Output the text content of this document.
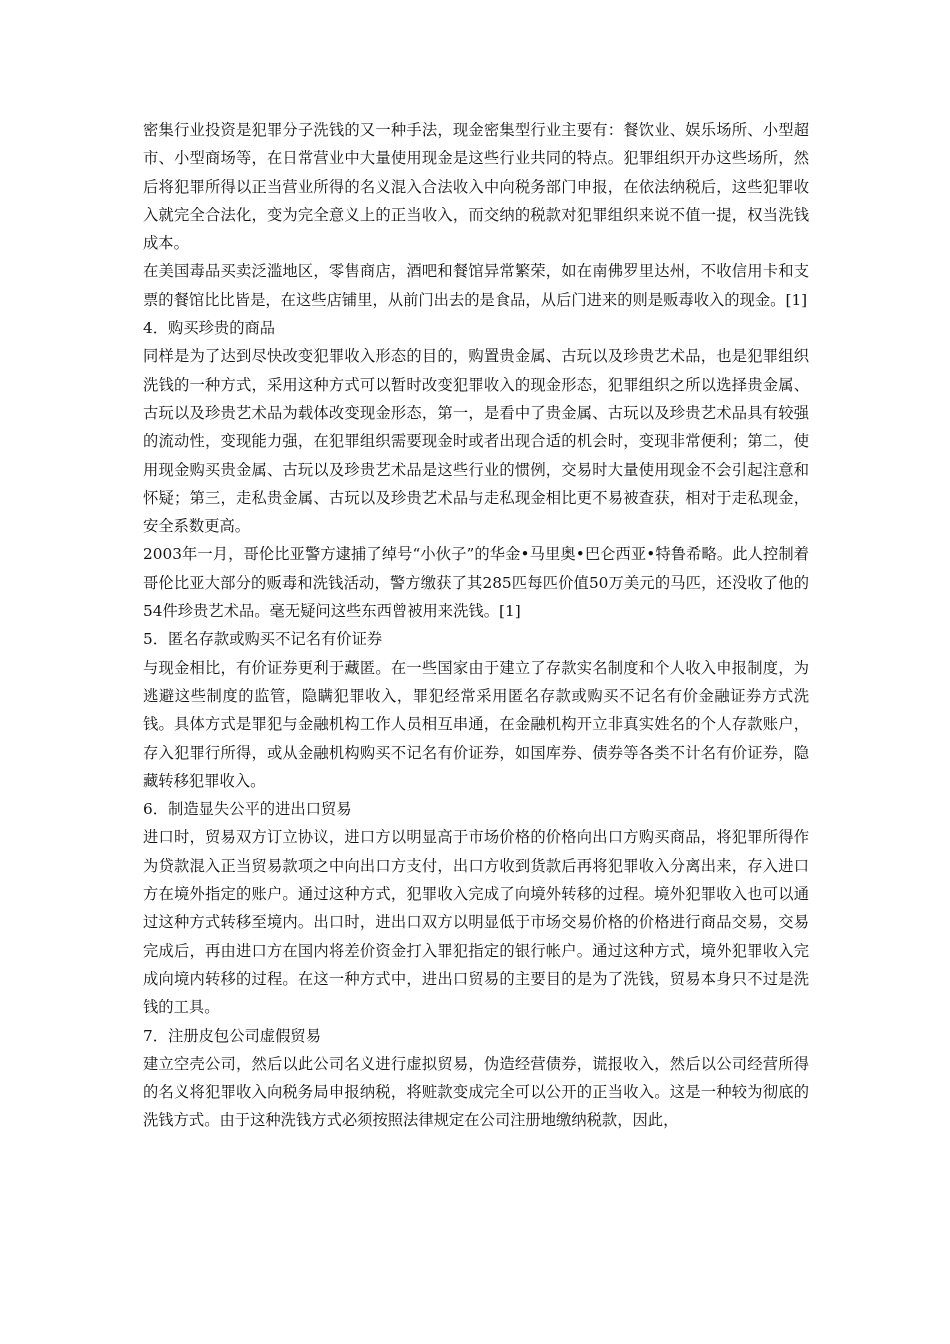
密集行业投资是犯罪分子洗钱的又一种手法，现金密集型行业主要有：餐饮业、娱乐场所、小型超市、小型商场等，在日常营业中大量使用现金是这些行业共同的特点。犯罪组织开办这些场所，然后将犯罪所得以正当营业所得的名义混入合法收入中向税务部门申报，在依法纳税后，这些犯罪收入就完全合法化，变为完全意义上的正当收入，而交纳的税款对犯罪组织来说不值一提，权当洗钱成本。

在美国毒品买卖泛滥地区，零售商店，酒吧和餐馆异常繁荣，如在南佛罗里达州，不收信用卡和支票的餐馆比比皆是，在这些店铺里，从前门出去的是食品，从后门进来的则是贩毒收入的现金。[1]

4．购买珍贵的商品

同样是为了达到尽快改变犯罪收入形态的目的，购置贵金属、古玩以及珍贵艺术品，也是犯罪组织洗钱的一种方式，采用这种方式可以暂时改变犯罪收入的现金形态，犯罪组织之所以选择贵金属、古玩以及珍贵艺术品为载体改变现金形态，第一，是看中了贵金属、古玩以及珍贵艺术品具有较强的流动性，变现能力强，在犯罪组织需要现金时或者出现合适的机会时，变现非常便利；第二，使用现金购买贵金属、古玩以及珍贵艺术品是这些行业的惯例，交易时大量使用现金不会引起注意和怀疑；第三，走私贵金属、古玩以及珍贵艺术品与走私现金相比更不易被查获，相对于走私现金，安全系数更高。

2003年一月，哥伦比亚警方逮捕了绰号“小伙子”的华金•马里奥•巴仑西亚•特鲁希略。此人控制着哥伦比亚大部分的贩毒和洗钱活动，警方缴获了其285匹每匹价值50万美元的马匹，还没收了他的54件珍贵艺术品。毫无疑问这些东西曾被用来洗钱。[1]

5．匿名存款或购买不记名有价证券

与现金相比，有价证券更利于藏匿。在一些国家由于建立了存款实名制度和个人收入申报制度，为逃避这些制度的监管，隐瞒犯罪收入，罪犯经常采用匿名存款或购买不记名有价金融证券方式洗钱。具体方式是罪犯与金融机构工作人员相互串通，在金融机构开立非真实姓名的个人存款账户，存入犯罪行所得，或从金融机构购买不记名有价证券，如国库券、债券等各类不计名有价证券，隐藏转移犯罪收入。

6．制造显失公平的进出口贸易

进口时，贸易双方订立协议，进口方以明显高于市场价格的价格向出口方购买商品，将犯罪所得作为贷款混入正当贸易款项之中向出口方支付，出口方收到货款后再将犯罪收入分离出来，存入进口方在境外指定的账户。通过这种方式，犯罪收入完成了向境外转移的过程。境外犯罪收入也可以通过这种方式转移至境内。出口时，进出口双方以明显低于市场交易价格的价格进行商品交易，交易完成后，再由进口方在国内将差价资金打入罪犯指定的银行帐户。通过这种方式，境外犯罪收入完成向境内转移的过程。在这一种方式中，进出口贸易的主要目的是为了洗钱，贸易本身只不过是洗钱的工具。

7．注册皮包公司虚假贸易

建立空壳公司，然后以此公司名义进行虚拟贸易，伪造经营债券，谎报收入，然后以公司经营所得的名义将犯罪收入向税务局申报纳税，将赃款变成完全可以公开的正当收入。这是一种较为彻底的洗钱方式。由于这种洗钱方式必须按照法律规定在公司注册地缴纳税款，因此，
